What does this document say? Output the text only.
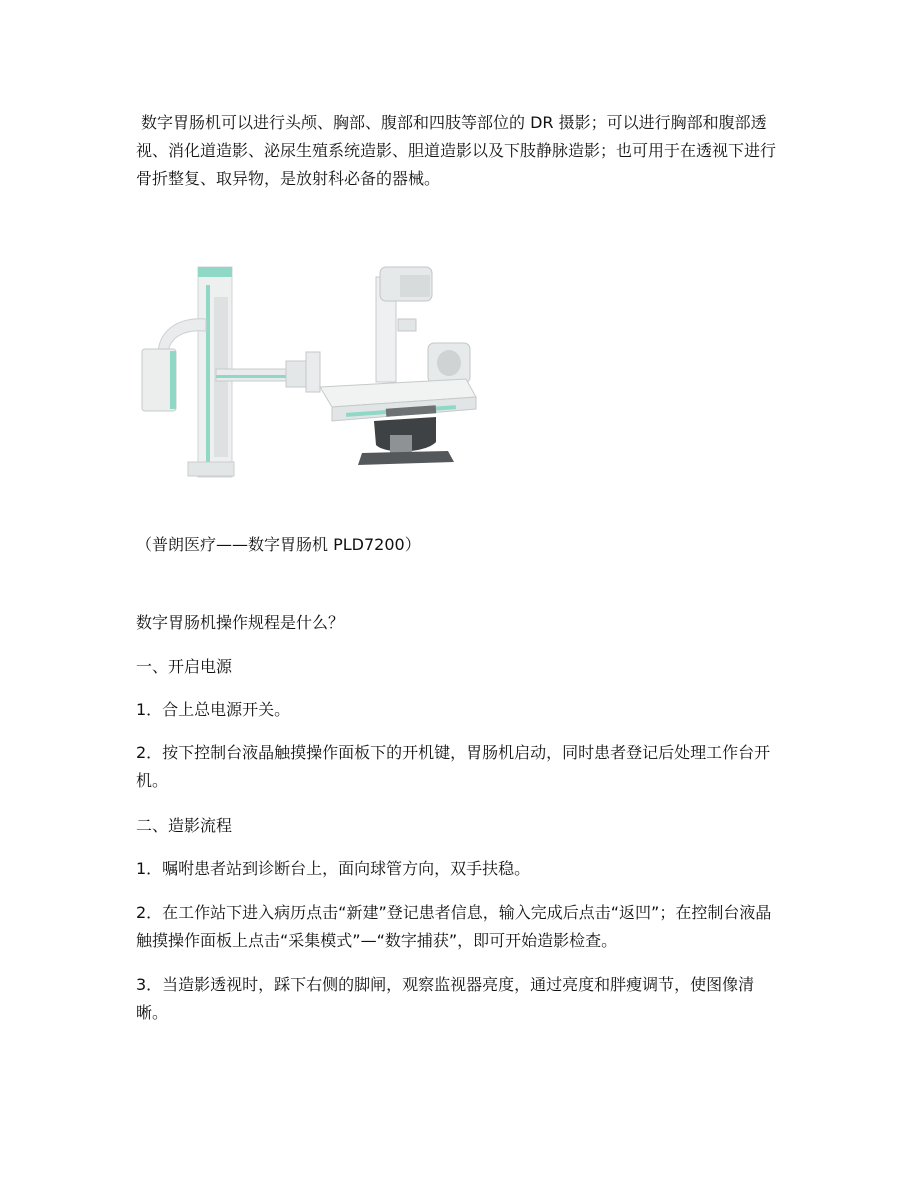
数字胃肠机可以进行头颅、胸部、腹部和四肢等部位的 DR 摄影；可以进行胸部和腹部透视、消化道造影、泌尿生殖系统造影、胆道造影以及下肢静脉造影；也可用于在透视下进行骨折整复、取异物，是放射科必备的器械。

（普朗医疗——数字胃肠机 PLD7200）

数字胃肠机操作规程是什么？

一、开启电源

1．合上总电源开关。

2．按下控制台液晶触摸操作面板下的开机键，胃肠机启动，同时患者登记后处理工作台开机。

二、造影流程

1．嘱咐患者站到诊断台上，面向球管方向，双手扶稳。

2．在工作站下进入病历点击“新建”登记患者信息，输入完成后点击“返凹”；在控制台液晶触摸操作面板上点击“采集模式”—“数字捕获”，即可开始造影检查。

3．当造影透视时，踩下右侧的脚闸，观察监视器亮度，通过亮度和胖瘦调节，使图像清晰。
